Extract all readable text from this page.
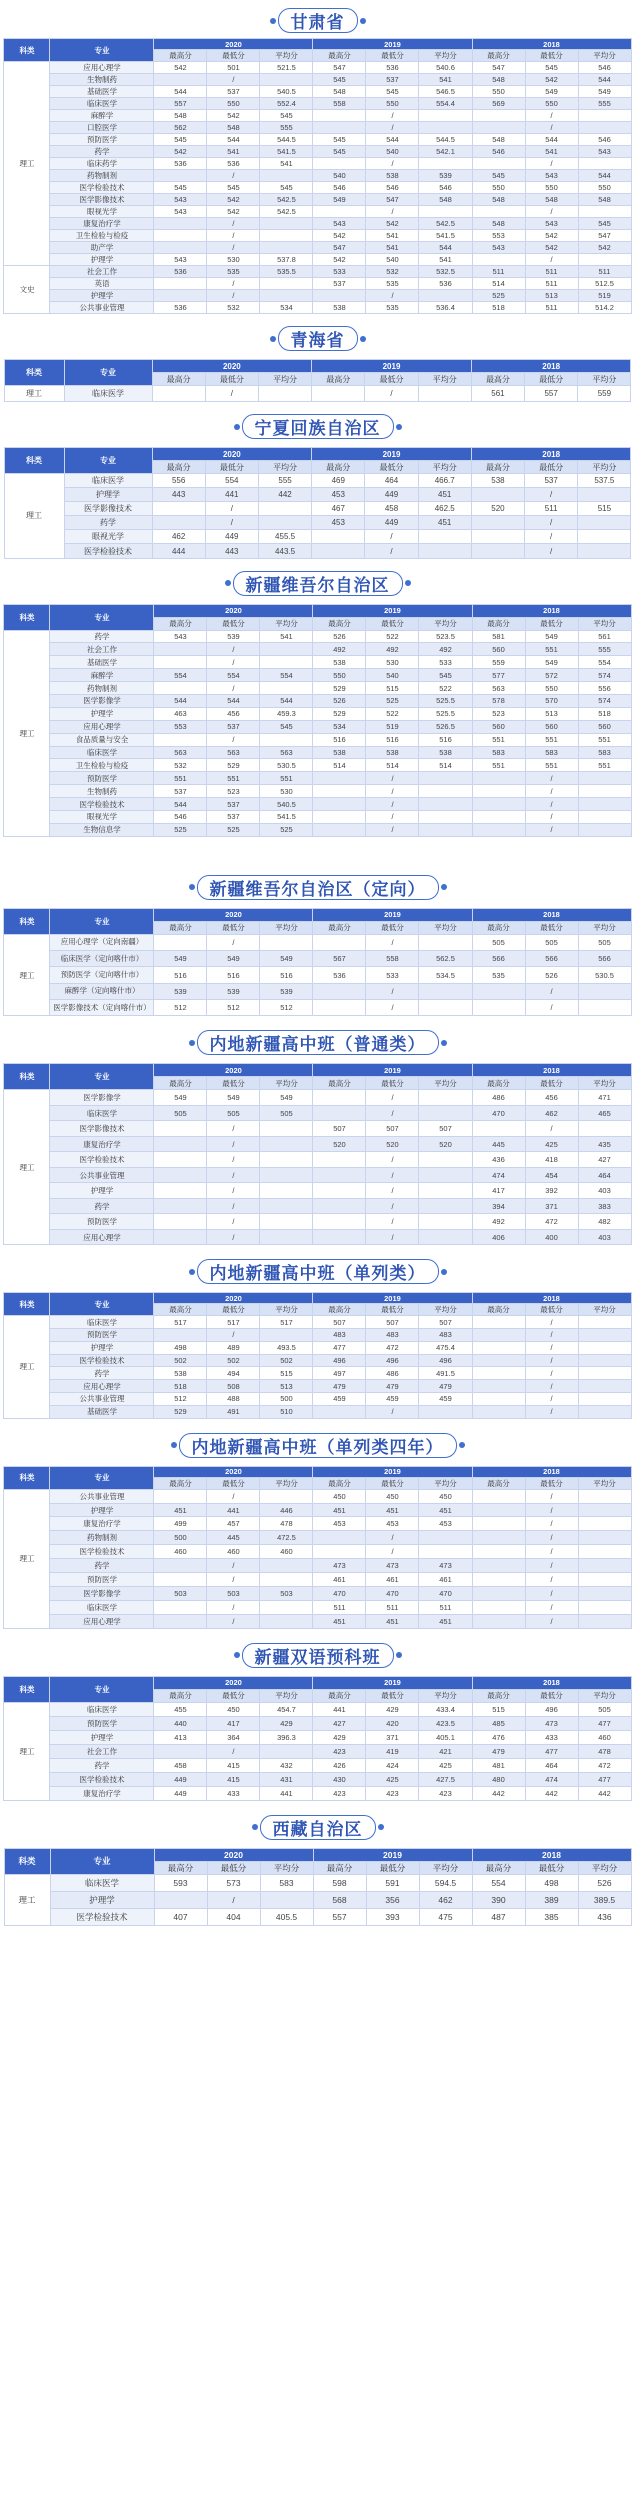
甘肃省
科类	专业	2020			2019			2018		
		最高分	最低分	平均分	最高分	最低分	平均分	最高分	最低分	平均分
理工	应用心理学	542	501	521.5	547	536	540.6	547	545	546
	生物制药		/		545	537	541	548	542	544
	基础医学	544	537	540.5	548	545	546.5	550	549	549
	临床医学	557	550	552.4	558	550	554.4	569	550	555
	麻醉学	548	542	545		/			/	
	口腔医学	562	548	555		/			/	
	预防医学	545	544	544.5	545	544	544.5	548	544	546
	药学	542	541	541.5	545	540	542.1	546	541	543
	临床药学	536	536	541		/			/	
	药物制剂		/		540	538	539	545	543	544
	医学检验技术	545	545	545	546	546	546	550	550	550
	医学影像技术	543	542	542.5	549	547	548	548	548	548
	眼视光学	543	542	542.5		/			/	
	康复治疗学		/		543	542	542.5	548	543	545
	卫生检验与检疫		/		542	541	541.5	553	542	547
	助产学		/		547	541	544	543	542	542
	护理学	543	530	537.8	542	540	541		/	
文史	社会工作	536	535	535.5	533	532	532.5	511	511	511
	英语		/		537	535	536	514	511	512.5
	护理学		/			/		525	513	519
	公共事业管理	536	532	534	538	535	536.4	518	511	514.2
青海省
科类	专业	2020			2019			2018		
		最高分	最低分	平均分	最高分	最低分	平均分	最高分	最低分	平均分
理工	临床医学		/			/		561	557	559
宁夏回族自治区
科类	专业	2020			2019			2018		
		最高分	最低分	平均分	最高分	最低分	平均分	最高分	最低分	平均分
理工	临床医学	556	554	555	469	464	466.7	538	537	537.5
	护理学	443	441	442	453	449	451		/	
	医学影像技术		/		467	458	462.5	520	511	515
	药学		/		453	449	451		/	
	眼视光学	462	449	455.5		/			/	
	医学检验技术	444	443	443.5		/			/	
新疆维吾尔自治区
科类	专业	2020			2019			2018		
		最高分	最低分	平均分	最高分	最低分	平均分	最高分	最低分	平均分
理工	药学	543	539	541	526	522	523.5	581	549	561
	社会工作		/		492	492	492	560	551	555
	基础医学		/		538	530	533	559	549	554
	麻醉学	554	554	554	550	540	545	577	572	574
	药物制剂		/		529	515	522	563	550	556
	医学影像学	544	544	544	526	525	525.5	578	570	574
	护理学	463	456	459.3	529	522	525.5	523	513	518
	应用心理学	553	537	545	534	519	526.5	560	560	560
	食品质量与安全		/		516	516	516	551	551	551
	临床医学	563	563	563	538	538	538	583	583	583
	卫生检验与检疫	532	529	530.5	514	514	514	551	551	551
	预防医学	551	551	551		/			/	
	生物制药	537	523	530		/			/	
	医学检验技术	544	537	540.5		/			/	
	眼视光学	546	537	541.5		/			/	
	生物信息学	525	525	525		/			/	
新疆维吾尔自治区（定向）
科类	专业	2020			2019			2018		
		最高分	最低分	平均分	最高分	最低分	平均分	最高分	最低分	平均分
理工	应用心理学（定向南疆）		/			/		505	505	505
	临床医学（定向喀什市）	549	549	549	567	558	562.5	566	566	566
	预防医学（定向喀什市）	516	516	516	536	533	534.5	535	526	530.5
	麻醉学（定向喀什市）	539	539	539		/			/	
	医学影像技术（定向喀什市）	512	512	512		/			/	
内地新疆高中班（普通类）
科类	专业	2020			2019			2018		
		最高分	最低分	平均分	最高分	最低分	平均分	最高分	最低分	平均分
理工	医学影像学	549	549	549		/		486	456	471
	临床医学	505	505	505		/		470	462	465
	医学影像技术		/		507	507	507		/	
	康复治疗学		/		520	520	520	445	425	435
	医学检验技术		/			/		436	418	427
	公共事业管理		/			/		474	454	464
	护理学		/			/		417	392	403
	药学		/			/		394	371	383
	预防医学		/			/		492	472	482
	应用心理学		/			/		406	400	403
内地新疆高中班（单列类）
科类	专业	2020			2019			2018		
		最高分	最低分	平均分	最高分	最低分	平均分	最高分	最低分	平均分
理工	临床医学	517	517	517	507	507	507		/	
	预防医学		/		483	483	483		/	
	护理学	498	489	493.5	477	472	475.4		/	
	医学检验技术	502	502	502	496	496	496		/	
	药学	538	494	515	497	486	491.5		/	
	应用心理学	518	508	513	479	479	479		/	
	公共事业管理	512	488	500	459	459	459		/	
	基础医学	529	491	510		/			/	
内地新疆高中班（单列类四年）
科类	专业	2020			2019			2018		
		最高分	最低分	平均分	最高分	最低分	平均分	最高分	最低分	平均分
理工	公共事业管理		/		450	450	450		/	
	护理学	451	441	446	451	451	451		/	
	康复治疗学	499	457	478	453	453	453		/	
	药物制剂	500	445	472.5		/			/	
	医学检验技术	460	460	460		/			/	
	药学		/		473	473	473		/	
	预防医学		/		461	461	461		/	
	医学影像学	503	503	503	470	470	470		/	
	临床医学		/		511	511	511		/	
	应用心理学		/		451	451	451		/	
新疆双语预科班
科类	专业	2020			2019			2018		
		最高分	最低分	平均分	最高分	最低分	平均分	最高分	最低分	平均分
理工	临床医学	455	450	454.7	441	429	433.4	515	496	505
	预防医学	440	417	429	427	420	423.5	485	473	477
	护理学	413	364	396.3	429	371	405.1	476	433	460
	社会工作		/		423	419	421	479	477	478
	药学	458	415	432	426	424	425	481	464	472
	医学检验技术	449	415	431	430	425	427.5	480	474	477
	康复治疗学	449	433	441	423	423	423	442	442	442
西藏自治区
科类	专业	2020			2019			2018		
		最高分	最低分	平均分	最高分	最低分	平均分	最高分	最低分	平均分
理工	临床医学	593	573	583	598	591	594.5	554	498	526
	护理学		/		568	356	462	390	389	389.5
	医学检验技术	407	404	405.5	557	393	475	487	385	436
